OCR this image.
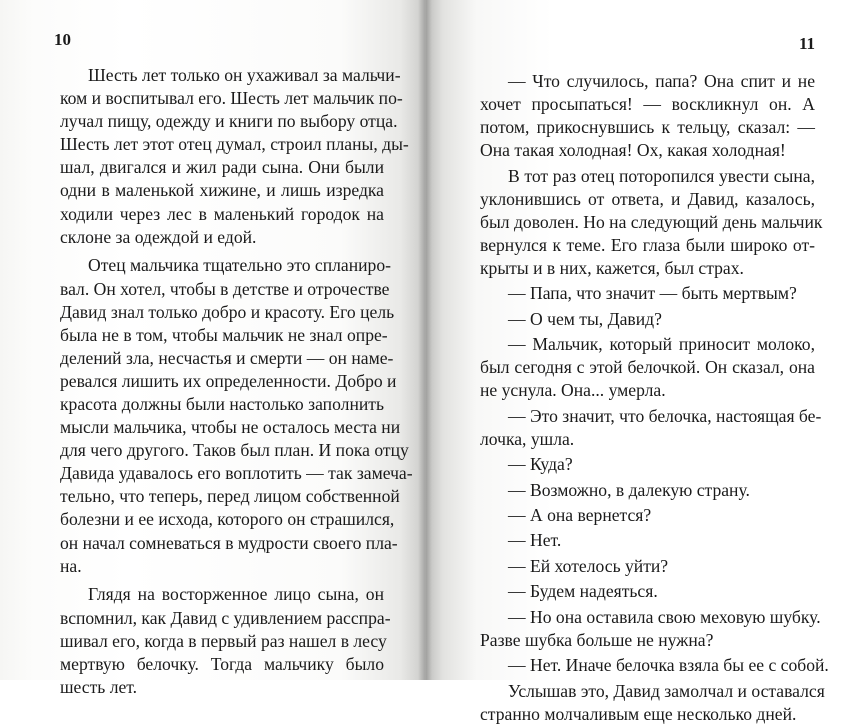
10
Шесть лет только он ухаживал за мальчи-
ком и воспитывал его. Шесть лет мальчик по-
лучал пищу, одежду и книги по выбору отца.
Шесть лет этот отец думал, строил планы, ды-
шал, двигался и жил ради сына. Они были
одни в маленькой хижине, и лишь изредка
ходили через лес в маленький городок на
склоне за одеждой и едой.
Отец мальчика тщательно это спланиро-
вал. Он хотел, чтобы в детстве и отрочестве
Давид знал только добро и красоту. Его цель
была не в том, чтобы мальчик не знал опре-
делений зла, несчастья и смерти — он наме-
ревался лишить их определенности. Добро и
красота должны были настолько заполнить
мысли мальчика, чтобы не осталось места ни
для чего другого. Таков был план. И пока отцу
Давида удавалось его воплотить — так замеча-
тельно, что теперь, перед лицом собственной
болезни и ее исхода, которого он страшился,
он начал сомневаться в мудрости своего пла-
на.
Глядя на восторженное лицо сына, он
вспомнил, как Давид с удивлением расспра-
шивал его, когда в первый раз нашел в лесу
мертвую белочку. Тогда мальчику было
шесть лет.
11
— Что случилось, папа? Она спит и не
хочет просыпаться! — воскликнул он. А
потом, прикоснувшись к тельцу, сказал: —
Она такая холодная! Ох, какая холодная!
В тот раз отец поторопился увести сына,
уклонившись от ответа, и Давид, казалось,
был доволен. Но на следующий день мальчик
вернулся к теме. Его глаза были широко от-
крыты и в них, кажется, был страх.
— Папа, что значит — быть мертвым?
— О чем ты, Давид?
— Мальчик, который приносит молоко,
был сегодня с этой белочкой. Он сказал, она
не уснула. Она... умерла.
— Это значит, что белочка, настоящая бе-
лочка, ушла.
— Куда?
— Возможно, в далекую страну.
— А она вернется?
— Нет.
— Ей хотелось уйти?
— Будем надеяться.
— Но она оставила свою меховую шубку.
Разве шубка больше не нужна?
— Нет. Иначе белочка взяла бы ее с собой.
Услышав это, Давид замолчал и оставался
странно молчаливым еще несколько дней.
